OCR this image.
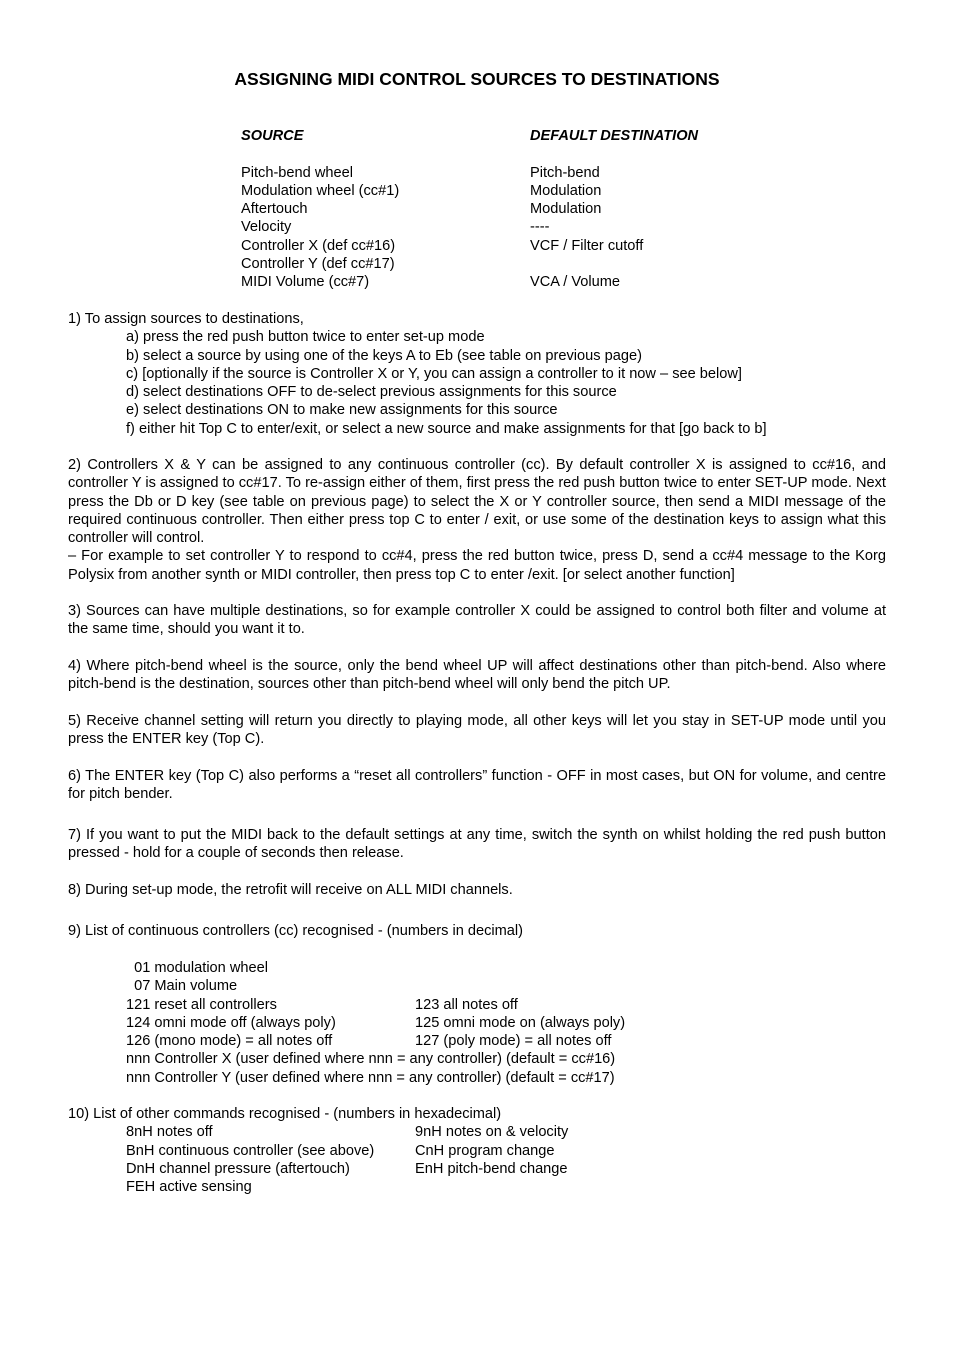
ASSIGNING MIDI CONTROL SOURCES TO DESTINATIONS
SOURCE	DEFAULT DESTINATION
Pitch-bend wheel	Pitch-bend
Modulation wheel (cc#1)	Modulation
Aftertouch	Modulation
Velocity	----
Controller X (def cc#16)	VCF / Filter cutoff
Controller Y (def cc#17)
MIDI Volume (cc#7)	VCA / Volume
1) To assign sources to destinations,
a) press the red push button twice to enter set-up mode
b) select a source by using one of the keys A to Eb (see table on previous page)
c) [optionally if the source is Controller X or Y, you can assign a controller to it now – see below]
d) select destinations OFF to de-select previous assignments for this source
e) select destinations ON to make new assignments for this source
f) either hit Top C to enter/exit, or select a new source and make assignments for that [go back to b]
2) Controllers X & Y can be assigned to any continuous controller (cc). By default controller X is assigned to cc#16, and controller Y is assigned to cc#17. To re-assign either of them, first press the red push button twice to enter SET-UP mode. Next press the Db or D key (see table on previous page) to select the X or Y controller source, then send a MIDI message of the required continuous controller. Then either press top C to enter / exit, or use some of the destination keys to assign what this controller will control.
– For example to set controller Y to respond to cc#4, press the red button twice, press D, send a cc#4 message to the Korg Polysix from another synth or MIDI controller, then press top C to enter /exit. [or select another function]
3) Sources can have multiple destinations, so for example controller X could be assigned to control both filter and volume at the same time, should you want it to.
4) Where pitch-bend wheel is the source, only the bend wheel UP will affect destinations other than pitch-bend. Also where pitch-bend is the destination, sources other than pitch-bend wheel will only bend the pitch UP.
5) Receive channel setting will return you directly to playing mode, all other keys will let you stay in SET-UP mode until you press the ENTER key (Top C).
6) The ENTER key (Top C) also performs a “reset all controllers” function - OFF in most cases, but ON for volume, and centre for pitch bender.
7) If you want to put the MIDI back to the default settings at any time, switch the synth on whilst holding the red push button pressed - hold for a couple of seconds then release.
8) During set-up mode, the retrofit will receive on ALL MIDI channels.
9) List of continuous controllers (cc) recognised - (numbers in decimal)
01 modulation wheel
07 Main volume
121 reset all controllers	123 all notes off
124 omni mode off (always poly)	125 omni mode on (always poly)
126 (mono mode) = all notes off	127 (poly mode) = all notes off
nnn Controller X (user defined where nnn = any controller) (default = cc#16)
nnn Controller Y (user defined where nnn = any controller) (default = cc#17)
10) List of other commands recognised - (numbers in hexadecimal)
8nH notes off	9nH notes on & velocity
BnH continuous controller (see above)	CnH program change
DnH channel pressure (aftertouch)	EnH pitch-bend change
FEH active sensing
